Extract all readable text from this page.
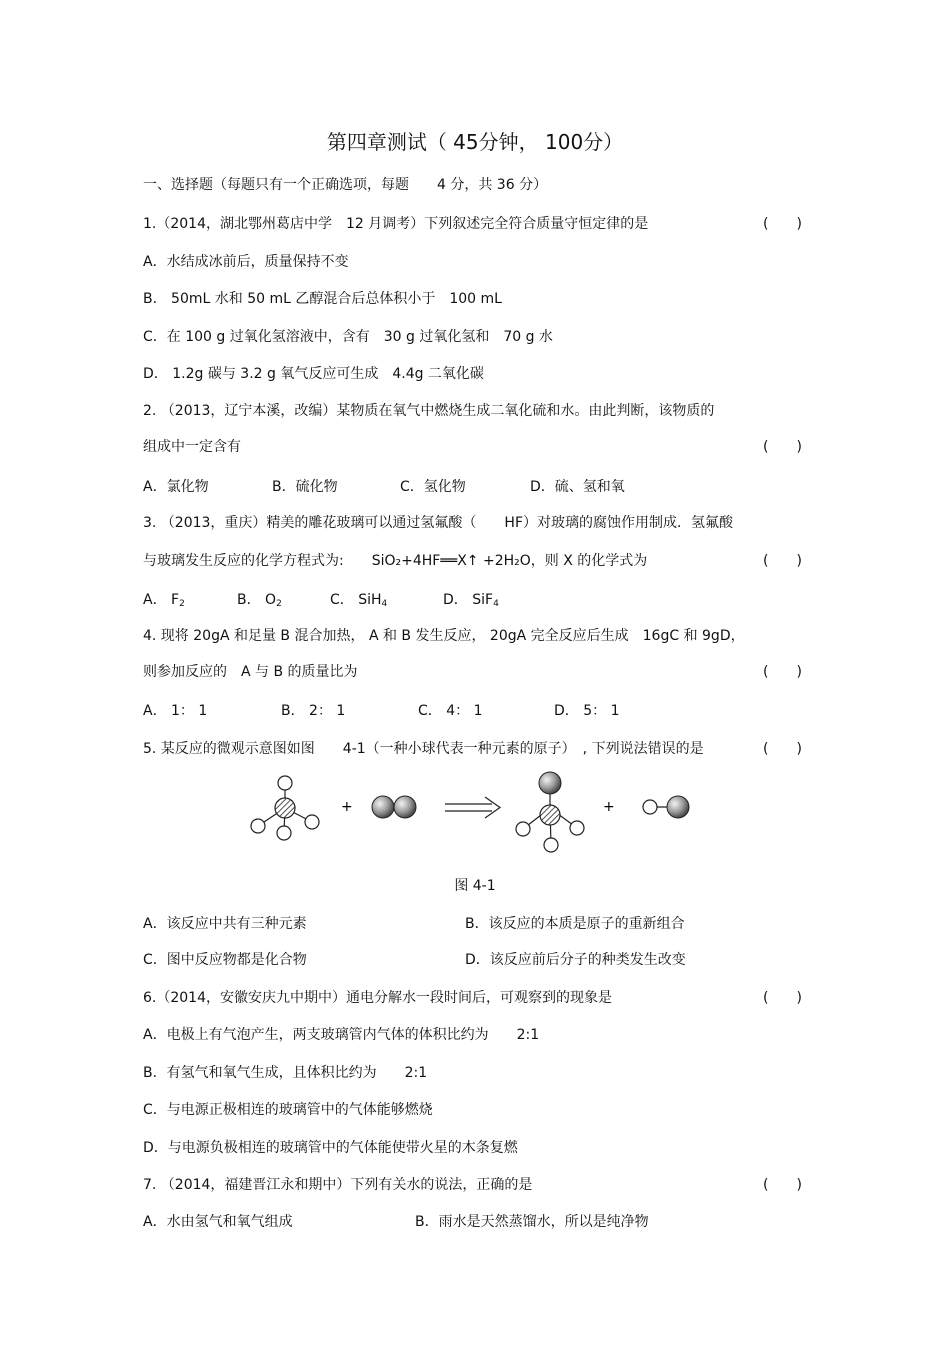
第四章测试（ 45分钟， 100分）
一、选择题（每题只有一个正确选项，每题　　4 分，共 36 分）
1.（2014，湖北鄂州葛店中学　12 月调考）下列叙述完全符合质量守恒定律的是	(　　)
A．水结成冰前后，质量保持不变
B． 50mL 水和 50 mL 乙醇混合后总体积小于　100 mL
C．在 100 g 过氧化氢溶液中，含有　30 g 过氧化氢和　70 g 水
D． 1.2g 碳与 3.2 g 氧气反应可生成　4.4g 二氧化碳
2. （2013，辽宁本溪，改编）某物质在氧气中燃烧生成二氧化硫和水。由此判断，该物质的
组成中一定含有	(　　)
A．氯化物	B．硫化物	C．氢化物	D．硫、氢和氧
3. （2013，重庆）精美的雕花玻璃可以通过氢氟酸（　　HF）对玻璃的腐蚀作用制成．氢氟酸
与玻璃发生反应的化学方程式为:　　SiO₂+4HF══X↑ +2H₂O，则 X 的化学式为	(　　)
A． $F_2$	B． $O_2$	C． SiH$_4$	D． SiF$_4$
4. 现将 20gA 和足量 B 混合加热， A 和 B 发生反应， 20gA 完全反应后生成　16gC 和 9gD，
则参加反应的　A 与 B 的质量比为	(　　)
A． 1： 1	B． 2： 1	C． 4： 1	D． 5： 1
5. 某反应的微观示意图如图　　4-1（一种小球代表一种元素的原子）　, 下列说法错误的是	(　　)
+	+
图 4-1
A．该反应中共有三种元素	B．该反应的本质是原子的重新组合
C．图中反应物都是化合物	D．该反应前后分子的种类发生改变
6.（2014，安徽安庆九中期中）通电分解水一段时间后，可观察到的现象是	(　　)
A．电极上有气泡产生，两支玻璃管内气体的体积比约为　　2:1
B．有氢气和氧气生成，且体积比约为　　2:1
C．与电源正极相连的玻璃管中的气体能够燃烧
D．与电源负极相连的玻璃管中的气体能使带火星的木条复燃
7. （2014，福建晋江永和期中）下列有关水的说法，正确的是	(　　)
A．水由氢气和氧气组成	B．雨水是天然蒸馏水，所以是纯净物
